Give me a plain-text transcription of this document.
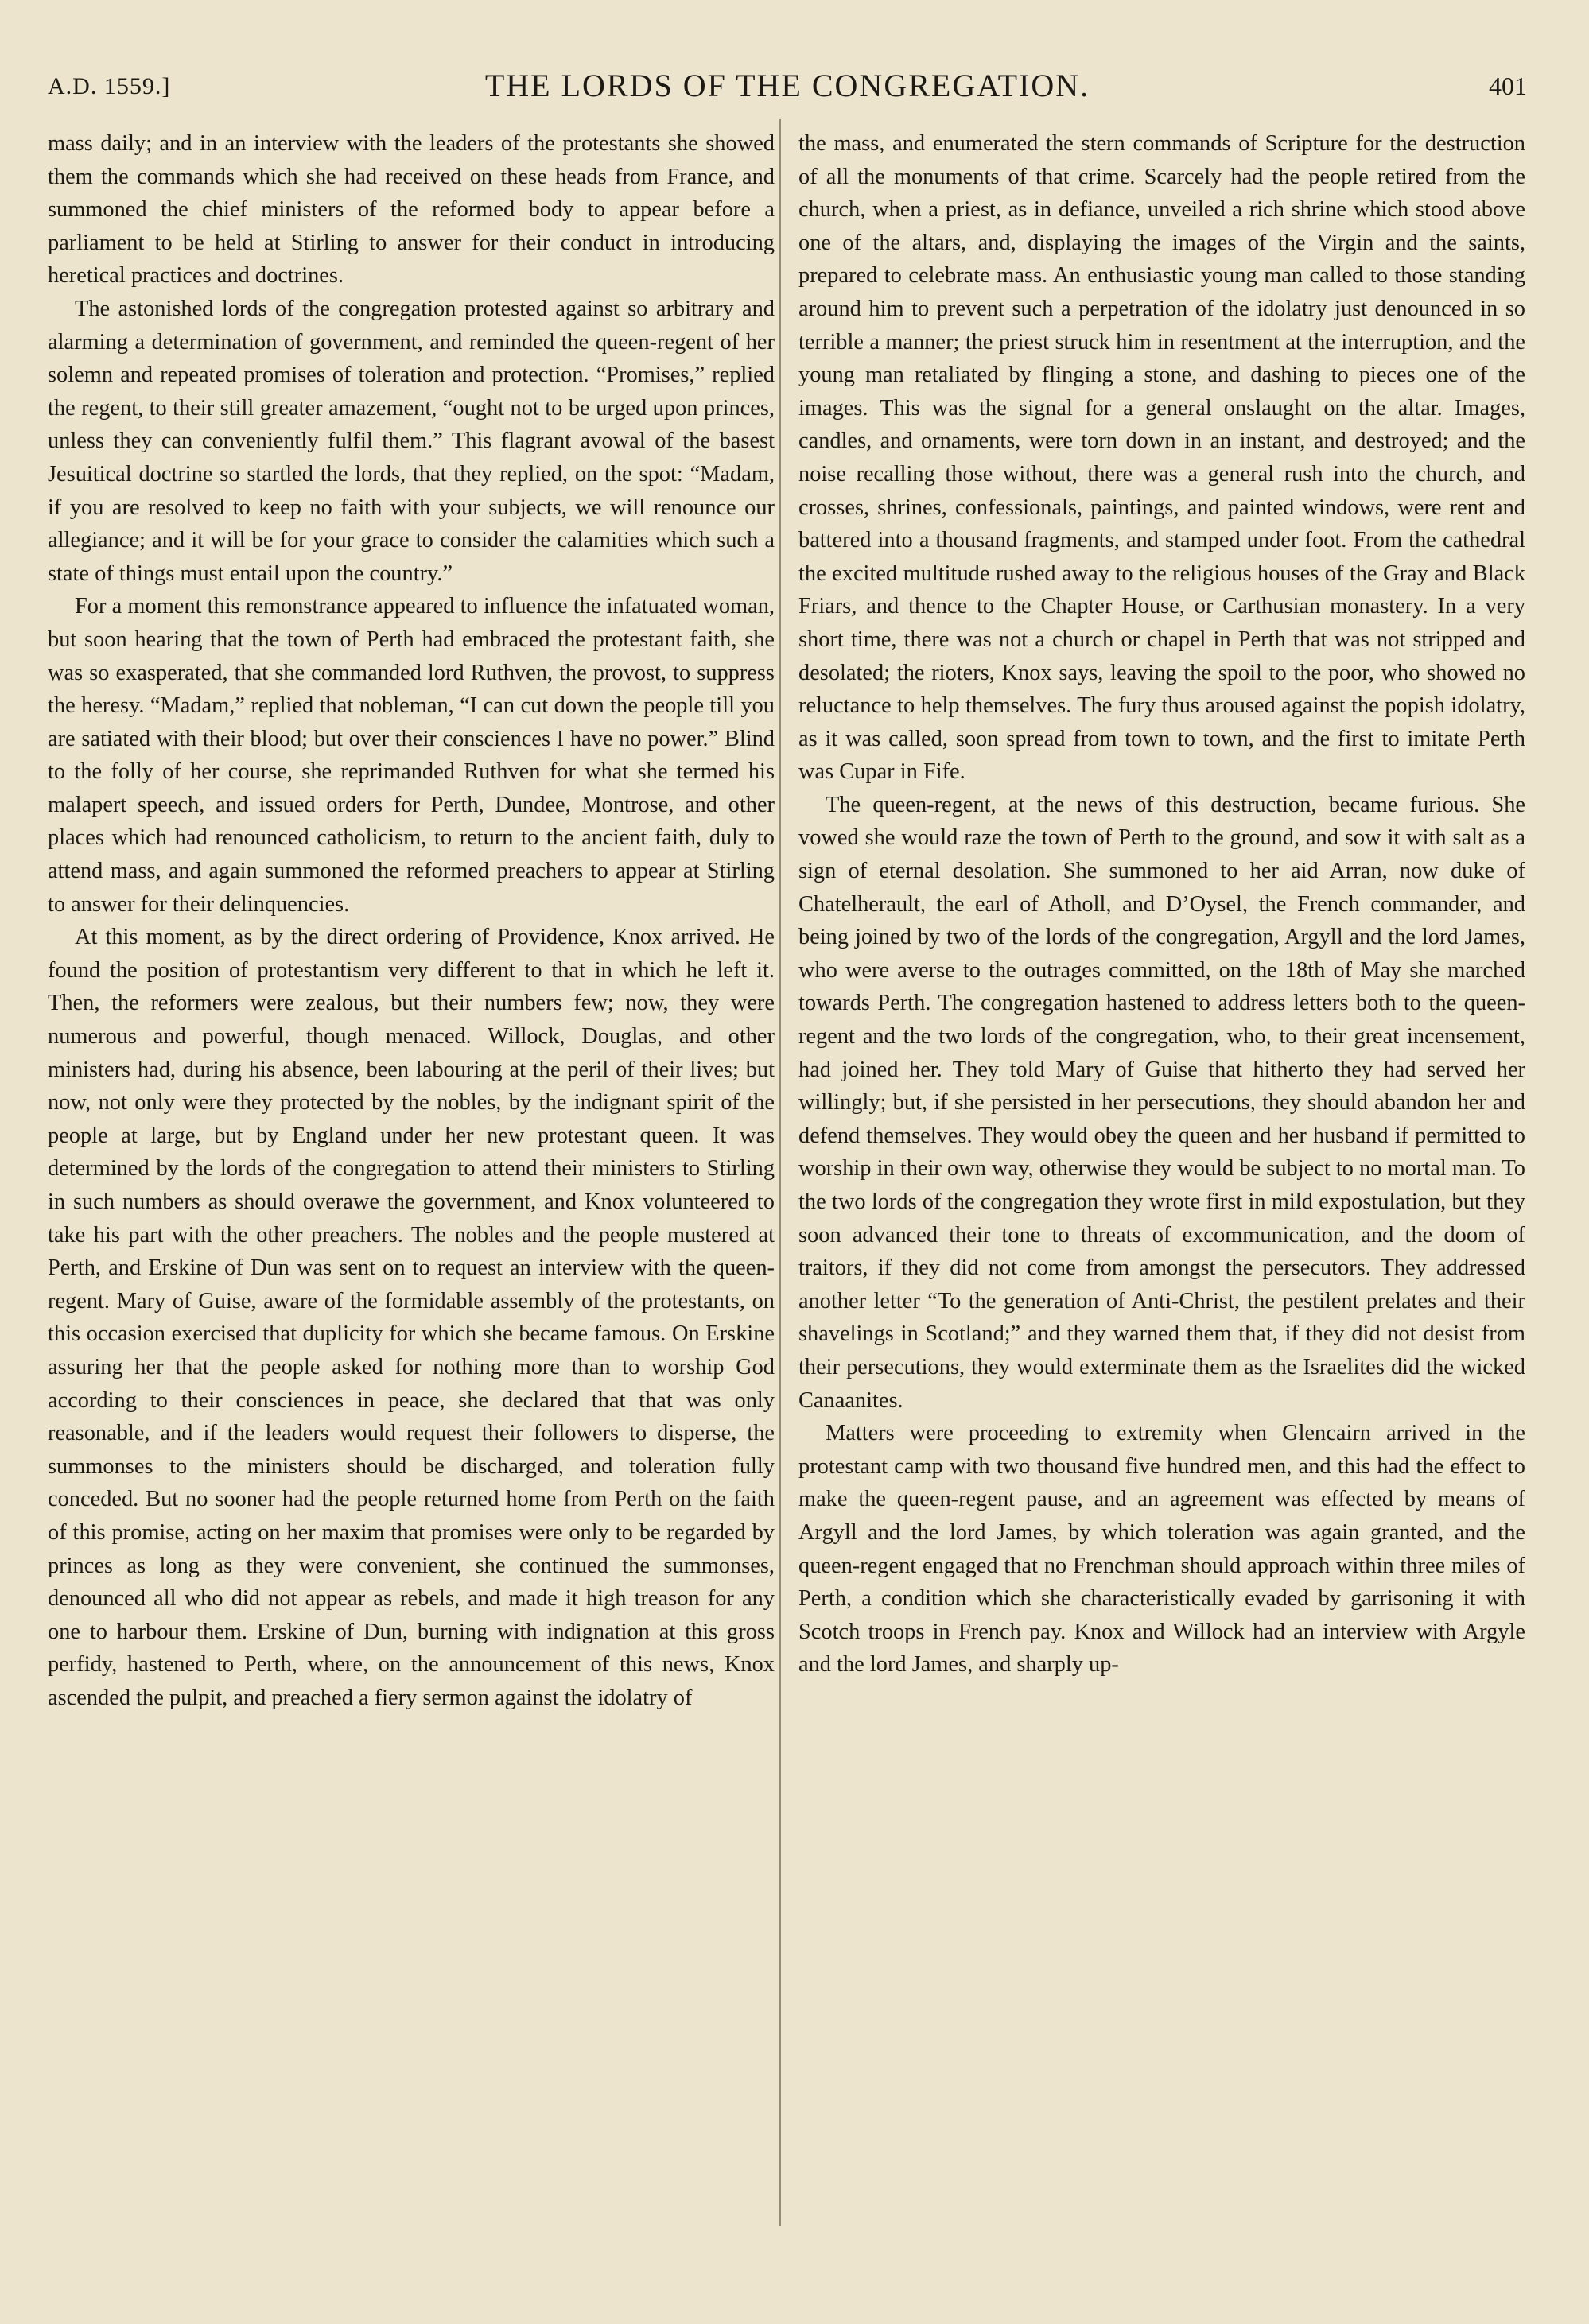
A.D. 1559.]	THE LORDS OF THE CONGREGATION.	401

mass daily; and in an interview with the leaders of the protestants she showed them the commands which she had received on these heads from France, and summoned the chief ministers of the reformed body to appear before a parliament to be held at Stirling to answer for their conduct in introducing heretical practices and doctrines.

The astonished lords of the congregation protested against so arbitrary and alarming a determination of government, and reminded the queen-regent of her solemn and repeated promises of toleration and protection. “Promises,” replied the regent, to their still greater amazement, “ought not to be urged upon princes, unless they can conveniently fulfil them.” This flagrant avowal of the basest Jesuitical doctrine so startled the lords, that they replied, on the spot: “Madam, if you are resolved to keep no faith with your subjects, we will renounce our allegiance; and it will be for your grace to consider the calamities which such a state of things must entail upon the country.”

For a moment this remonstrance appeared to influence the infatuated woman, but soon hearing that the town of Perth had embraced the protestant faith, she was so exasperated, that she commanded lord Ruthven, the provost, to suppress the heresy. “Madam,” replied that nobleman, “I can cut down the people till you are satiated with their blood; but over their consciences I have no power.” Blind to the folly of her course, she reprimanded Ruthven for what she termed his malapert speech, and issued orders for Perth, Dundee, Montrose, and other places which had renounced catholicism, to return to the ancient faith, duly to attend mass, and again summoned the reformed preachers to appear at Stirling to answer for their delinquencies.

At this moment, as by the direct ordering of Providence, Knox arrived. He found the position of protestantism very different to that in which he left it. Then, the reformers were zealous, but their numbers few; now, they were numerous and powerful, though menaced. Willock, Douglas, and other ministers had, during his absence, been labouring at the peril of their lives; but now, not only were they protected by the nobles, by the indignant spirit of the people at large, but by England under her new protestant queen. It was determined by the lords of the congregation to attend their ministers to Stirling in such numbers as should overawe the government, and Knox volunteered to take his part with the other preachers. The nobles and the people mustered at Perth, and Erskine of Dun was sent on to request an interview with the queen-regent. Mary of Guise, aware of the formidable assembly of the protestants, on this occasion exercised that duplicity for which she became famous. On Erskine assuring her that the people asked for nothing more than to worship God according to their consciences in peace, she declared that that was only reasonable, and if the leaders would request their followers to disperse, the summonses to the ministers should be discharged, and toleration fully conceded. But no sooner had the people returned home from Perth on the faith of this promise, acting on her maxim that promises were only to be regarded by princes as long as they were convenient, she continued the summonses, denounced all who did not appear as rebels, and made it high treason for any one to harbour them. Erskine of Dun, burning with indignation at this gross perfidy, hastened to Perth, where, on the announcement of this news, Knox ascended the pulpit, and preached a fiery sermon against the idolatry of

the mass, and enumerated the stern commands of Scripture for the destruction of all the monuments of that crime. Scarcely had the people retired from the church, when a priest, as in defiance, unveiled a rich shrine which stood above one of the altars, and, displaying the images of the Virgin and the saints, prepared to celebrate mass. An enthusiastic young man called to those standing around him to prevent such a perpetration of the idolatry just denounced in so terrible a manner; the priest struck him in resentment at the interruption, and the young man retaliated by flinging a stone, and dashing to pieces one of the images. This was the signal for a general onslaught on the altar. Images, candles, and ornaments, were torn down in an instant, and destroyed; and the noise recalling those without, there was a general rush into the church, and crosses, shrines, confessionals, paintings, and painted windows, were rent and battered into a thousand fragments, and stamped under foot. From the cathedral the excited multitude rushed away to the religious houses of the Gray and Black Friars, and thence to the Chapter House, or Carthusian monastery. In a very short time, there was not a church or chapel in Perth that was not stripped and desolated; the rioters, Knox says, leaving the spoil to the poor, who showed no reluctance to help themselves. The fury thus aroused against the popish idolatry, as it was called, soon spread from town to town, and the first to imitate Perth was Cupar in Fife.

The queen-regent, at the news of this destruction, became furious. She vowed she would raze the town of Perth to the ground, and sow it with salt as a sign of eternal desolation. She summoned to her aid Arran, now duke of Chatelherault, the earl of Atholl, and D’Oysel, the French commander, and being joined by two of the lords of the congregation, Argyll and the lord James, who were averse to the outrages committed, on the 18th of May she marched towards Perth. The congregation hastened to address letters both to the queen-regent and the two lords of the congregation, who, to their great incensement, had joined her. They told Mary of Guise that hitherto they had served her willingly; but, if she persisted in her persecutions, they should abandon her and defend themselves. They would obey the queen and her husband if permitted to worship in their own way, otherwise they would be subject to no mortal man. To the two lords of the congregation they wrote first in mild expostulation, but they soon advanced their tone to threats of excommunication, and the doom of traitors, if they did not come from amongst the persecutors. They addressed another letter “To the generation of Anti-Christ, the pestilent prelates and their shavelings in Scotland;” and they warned them that, if they did not desist from their persecutions, they would exterminate them as the Israelites did the wicked Canaanites.

Matters were proceeding to extremity when Glencairn arrived in the protestant camp with two thousand five hundred men, and this had the effect to make the queen-regent pause, and an agreement was effected by means of Argyll and the lord James, by which toleration was again granted, and the queen-regent engaged that no Frenchman should approach within three miles of Perth, a condition which she characteristically evaded by garrisoning it with Scotch troops in French pay. Knox and Willock had an interview with Argyle and the lord James, and sharply up-
